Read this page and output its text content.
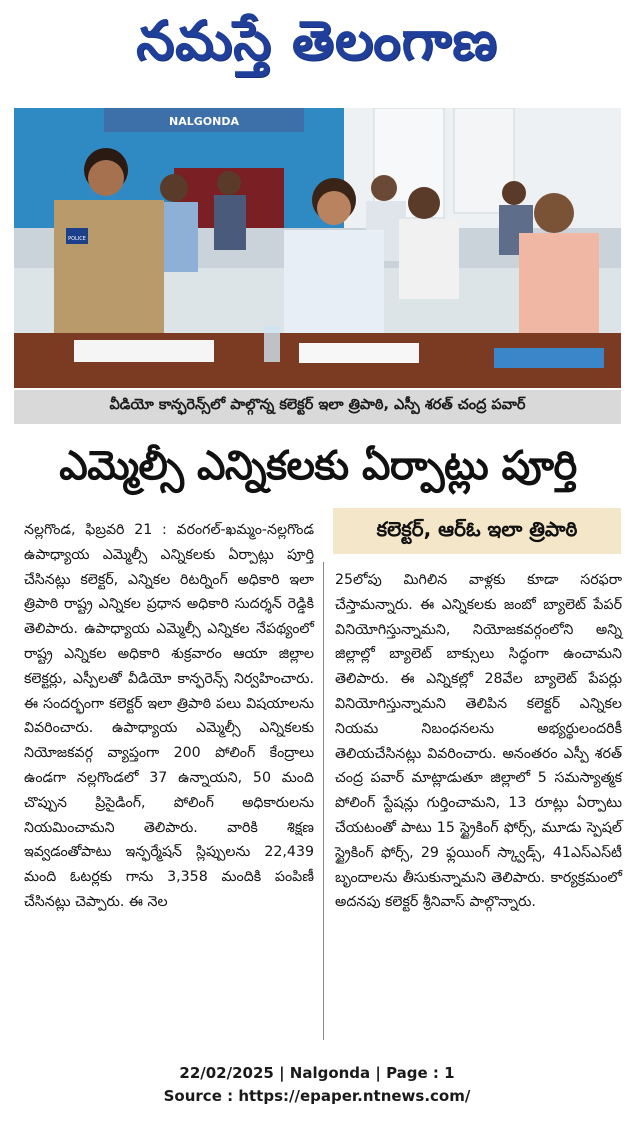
నమస్తే తెలంగాణ
NALGONDA
POLICE
వీడియో కాన్ఫరెన్స్‌లో పాల్గొన్న కలెక్టర్ ఇలా త్రిపాఠి, ఎస్పీ శరత్ చంద్ర పవార్
ఎమ్మెల్సీ ఎన్నికలకు ఏర్పాట్లు పూర్తి
కలెక్టర్, ఆర్‌ఓ ఇలా త్రిపాఠి

నల్లగొండ, ఫిబ్రవరి 21 : వరంగల్-ఖమ్మం-నల్లగొండ ఉపాధ్యాయ ఎమ్మెల్సీ ఎన్నికలకు ఏర్పాట్లు పూర్తి చేసినట్లు కలెక్టర్, ఎన్నికల రిటర్నింగ్ అధికారి ఇలా త్రిపాఠి రాష్ట్ర ఎన్నికల ప్రధాన అధికారి సుదర్శన్ రెడ్డికి తెలిపారు. ఉపాధ్యాయ ఎమ్మెల్సీ ఎన్నికల నేపథ్యంలో రాష్ట్ర ఎన్నికల అధికారి శుక్రవారం ఆయా జిల్లాల కలెక్టర్లు, ఎస్పీలతో వీడియో కాన్ఫరెన్స్ నిర్వహించారు. ఈ సందర్భంగా కలెక్టర్ ఇలా త్రిపాఠి పలు విషయాలను వివరించారు. ఉపాధ్యాయ ఎమ్మెల్సీ ఎన్నికలకు నియోజకవర్గ వ్యాప్తంగా 200 పోలింగ్ కేంద్రాలు ఉండగా నల్లగొండలో 37 ఉన్నాయని, 50 మంది చొప్పున ప్రిసైడింగ్, పోలింగ్ అధికారులను నియమించామని తెలిపారు. వారికి శిక్షణ ఇవ్వడంతోపాటు ఇన్ఫర్మేషన్ స్లిప్పులను 22,439 మంది ఓటర్లకు గాను 3,358 మందికి పంపిణీ చేసినట్లు చెప్పారు. ఈ నెల

25లోపు మిగిలిన వాళ్లకు కూడా సరఫరా చేస్తామన్నారు. ఈ ఎన్నికలకు జంబో బ్యాలెట్ పేపర్ వినియోగిస్తున్నామని, నియోజకవర్గంలోని అన్ని జిల్లాల్లో బ్యాలెట్ బాక్సులు సిద్ధంగా ఉంచామని తెలిపారు. ఈ ఎన్నికల్లో 28వేల బ్యాలెట్ పేపర్లు వినియోగిస్తున్నామని తెలిపిన కలెక్టర్ ఎన్నికల నియమ నిబంధనలను అభ్యర్థులందరికీ తెలియచేసినట్లు వివరించారు. అనంతరం ఎస్పీ శరత్ చంద్ర పవార్ మాట్లాడుతూ జిల్లాలో 5 సమస్యాత్మక పోలింగ్ స్టేషన్లు గుర్తించామని, 13 రూట్లు ఏర్పాటు చేయటంతో పాటు 15 స్ట్రైకింగ్ ఫోర్స్, మూడు స్పెషల్ స్ట్రైకింగ్ ఫోర్స్, 29 ఫ్లయింగ్ స్క్వాడ్స్, 41ఎస్ఎస్‌టీ బృందాలను తీసుకున్నామని తెలిపారు. కార్యక్రమంలో అదనపు కలెక్టర్ శ్రీనివాస్ పాల్గొన్నారు.

22/02/2025 | Nalgonda | Page : 1
Source : https://epaper.ntnews.com/
